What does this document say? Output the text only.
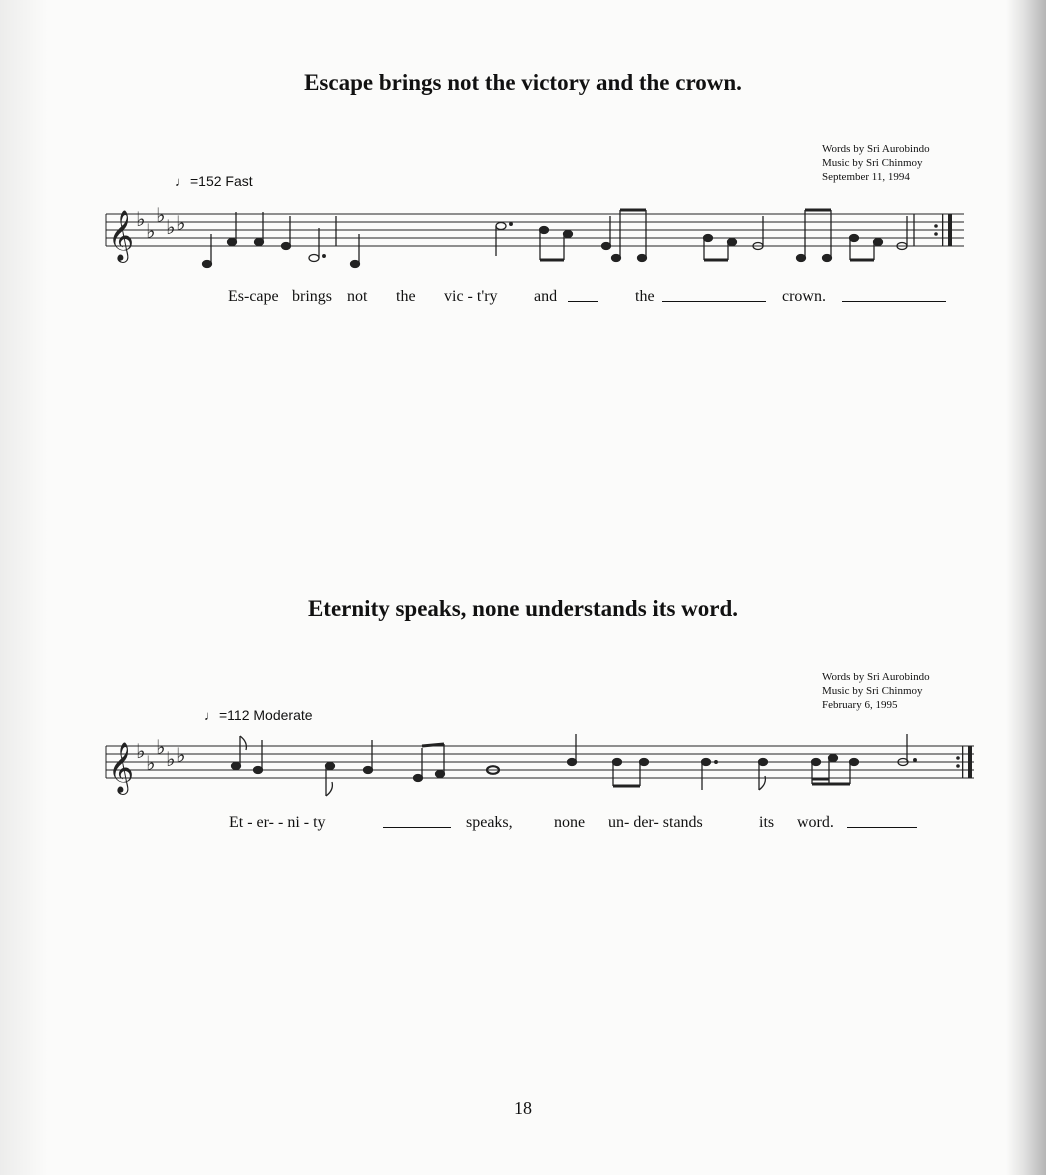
Escape brings not the victory and the crown.
Words by Sri Aurobindo
Music by Sri Chinmoy
September 11, 1994
♩ =152 Fast
𝄞 ♭ ♭
♭ ♭ ♭
Es-cape brings not the vic - t'ry and	the	crown.
Eternity speaks, none understands its word.
Words by Sri Aurobindo
Music by Sri Chinmoy
February 6, 1995
♩ =112 Moderate
𝄞 ♭ ♭
♭ ♭ ♭
Et - er- - ni - ty	speaks,	none un- der- stands	its word.
18
